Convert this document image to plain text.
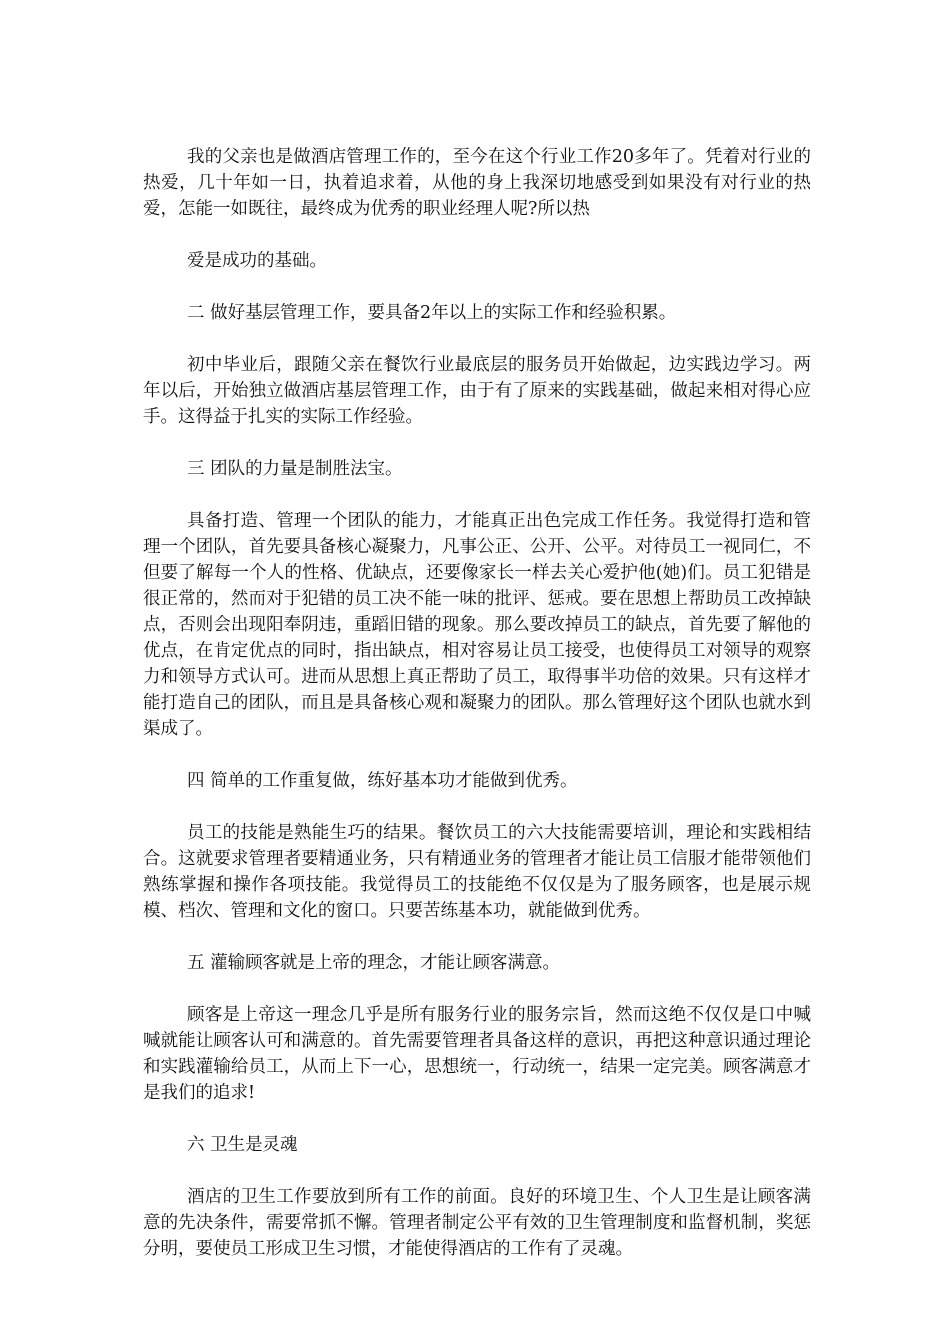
我的父亲也是做酒店管理工作的，至今在这个行业工作20多年了。凭着对行业的热爱，几十年如一日，执着追求着，从他的身上我深切地感受到如果没有对行业的热爱，怎能一如既往，最终成为优秀的职业经理人呢?所以热

爱是成功的基础。

二 做好基层管理工作，要具备2年以上的实际工作和经验积累。

初中毕业后，跟随父亲在餐饮行业最底层的服务员开始做起，边实践边学习。两年以后，开始独立做酒店基层管理工作，由于有了原来的实践基础，做起来相对得心应手。这得益于扎实的实际工作经验。

三 团队的力量是制胜法宝。

具备打造、管理一个团队的能力，才能真正出色完成工作任务。我觉得打造和管理一个团队，首先要具备核心凝聚力，凡事公正、公开、公平。对待员工一视同仁，不但要了解每一个人的性格、优缺点，还要像家长一样去关心爱护他(她)们。员工犯错是很正常的，然而对于犯错的员工决不能一味的批评、惩戒。要在思想上帮助员工改掉缺点，否则会出现阳奉阴违，重蹈旧错的现象。那么要改掉员工的缺点，首先要了解他的优点，在肯定优点的同时，指出缺点，相对容易让员工接受，也使得员工对领导的观察力和领导方式认可。进而从思想上真正帮助了员工，取得事半功倍的效果。只有这样才能打造自己的团队，而且是具备核心观和凝聚力的团队。那么管理好这个团队也就水到渠成了。

四 简单的工作重复做，练好基本功才能做到优秀。

员工的技能是熟能生巧的结果。餐饮员工的六大技能需要培训，理论和实践相结合。这就要求管理者要精通业务，只有精通业务的管理者才能让员工信服才能带领他们熟练掌握和操作各项技能。我觉得员工的技能绝不仅仅是为了服务顾客，也是展示规模、档次、管理和文化的窗口。只要苦练基本功，就能做到优秀。

五 灌输顾客就是上帝的理念，才能让顾客满意。

顾客是上帝这一理念几乎是所有服务行业的服务宗旨，然而这绝不仅仅是口中喊喊就能让顾客认可和满意的。首先需要管理者具备这样的意识，再把这种意识通过理论和实践灌输给员工，从而上下一心，思想统一，行动统一，结果一定完美。顾客满意才是我们的追求!

六 卫生是灵魂

酒店的卫生工作要放到所有工作的前面。良好的环境卫生、个人卫生是让顾客满意的先决条件，需要常抓不懈。管理者制定公平有效的卫生管理制度和监督机制，奖惩分明，要使员工形成卫生习惯，才能使得酒店的工作有了灵魂。
